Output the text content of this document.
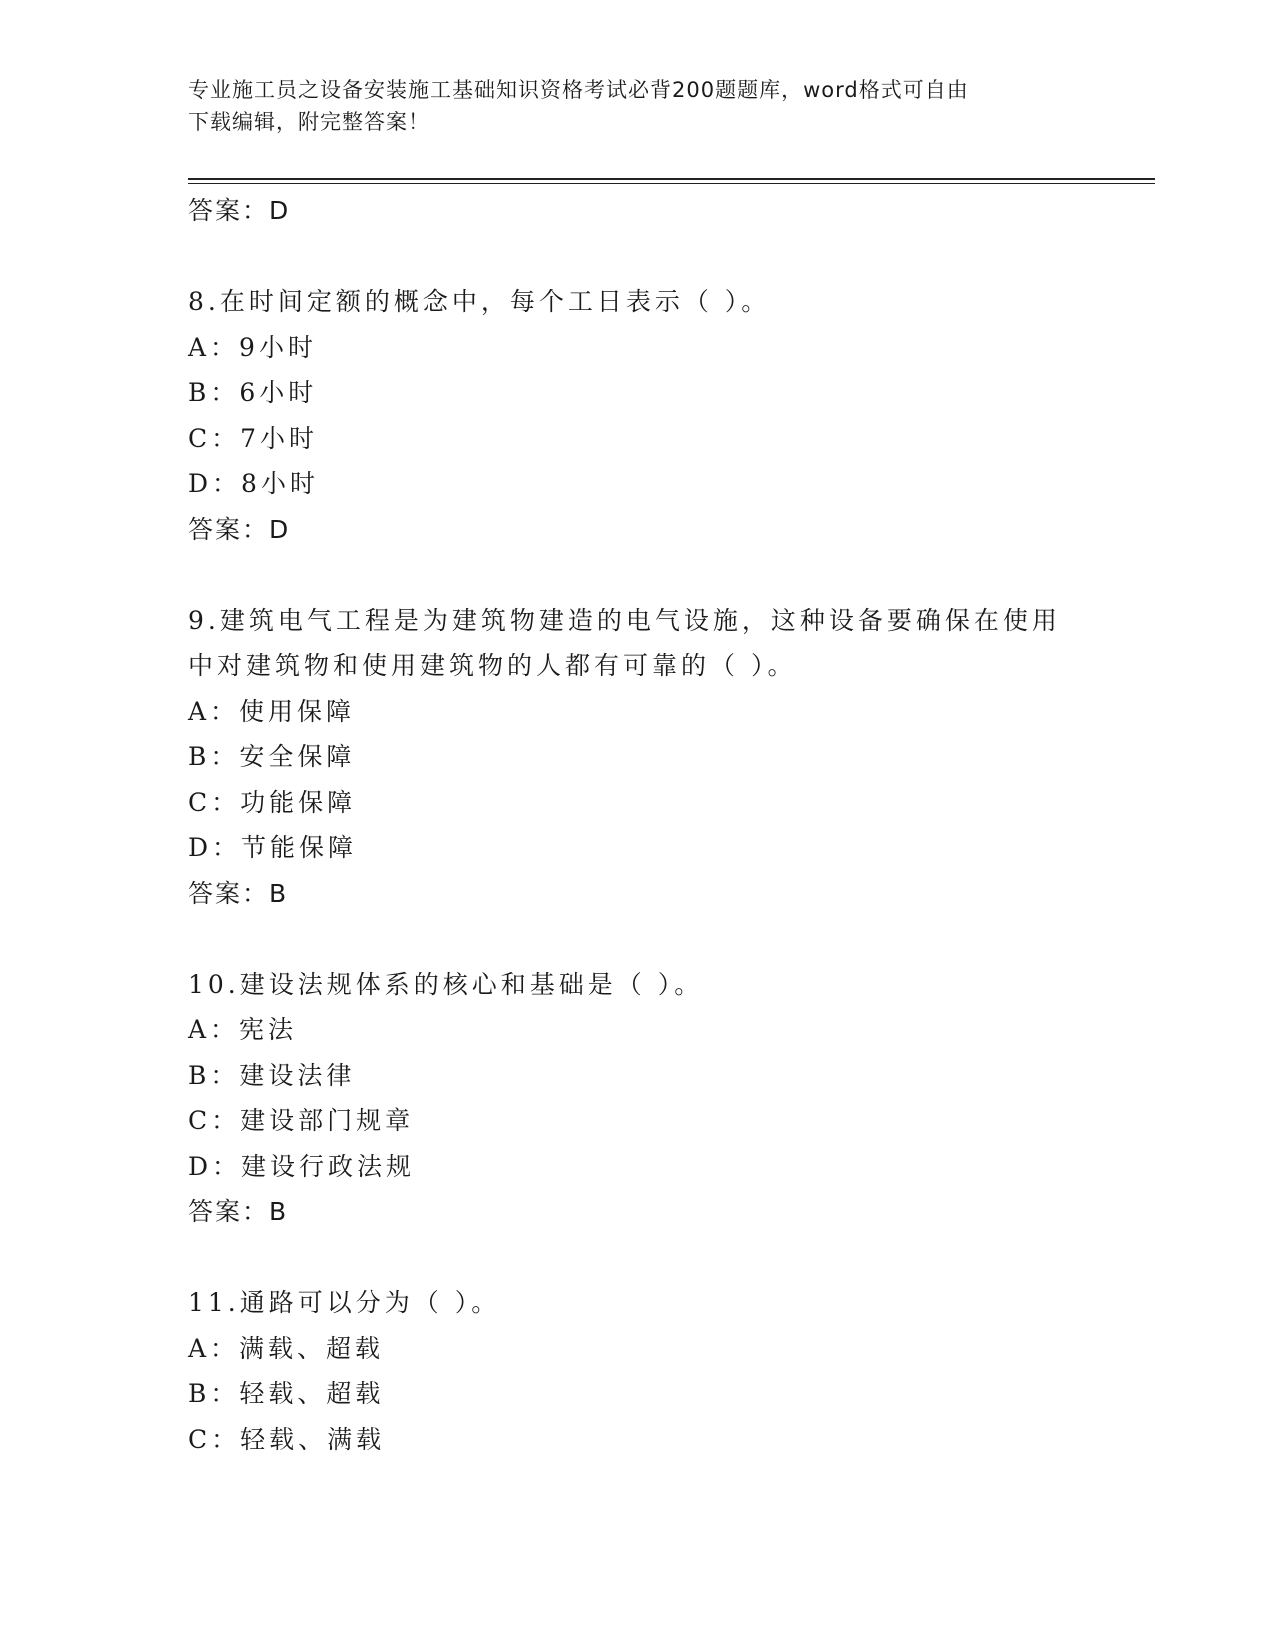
专业施工员之设备安装施工基础知识资格考试必背200题题库，word格式可自由
下载编辑，附完整答案！
答案：D
8.在时间定额的概念中，每个工日表示（ ）。
A：9小时
B：6小时
C：7小时
D：8小时
答案：D
9.建筑电气工程是为建筑物建造的电气设施，这种设备要确保在使用
中对建筑物和使用建筑物的人都有可靠的（ ）。
A：使用保障
B：安全保障
C：功能保障
D：节能保障
答案：B
10.建设法规体系的核心和基础是（ ）。
A：宪法
B：建设法律
C：建设部门规章
D：建设行政法规
答案：B
11.通路可以分为（ ）。
A：满载、超载
B：轻载、超载
C：轻载、满载
